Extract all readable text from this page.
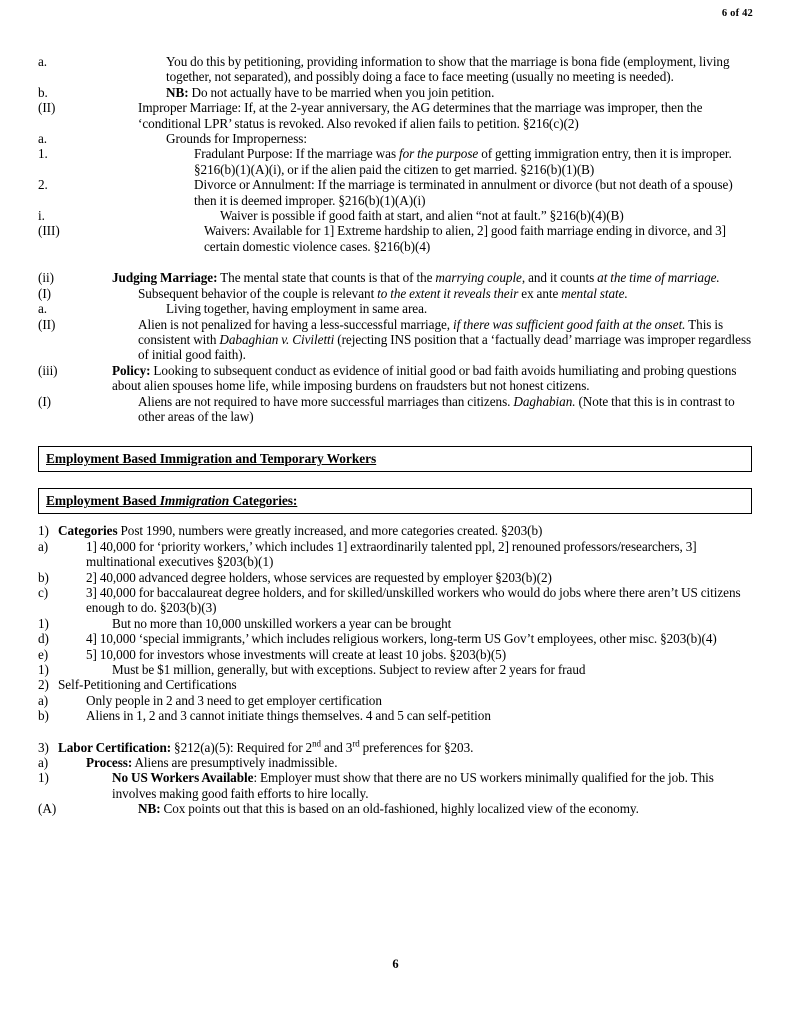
6 of 42
a.	You do this by petitioning, providing information to show that the marriage is bona fide (employment, living together, not separated), and possibly doing a face to face meeting (usually no meeting is needed).
b.	NB: Do not actually have to be married when you join petition.
(II)	Improper Marriage: If, at the 2-year anniversary, the AG determines that the marriage was improper, then the ‘conditional LPR’ status is revoked. Also revoked if alien fails to petition. §216(c)(2)
a.	Grounds for Improperness:
1.	Fradulant Purpose: If the marriage was for the purpose of getting immigration entry, then it is improper. §216(b)(1)(A)(i), or if the alien paid the citizen to get married. §216(b)(1)(B)
2.	Divorce or Annulment: If the marriage is terminated in annulment or divorce (but not death of a spouse) then it is deemed improper. §216(b)(1)(A)(i)
i.	Waiver is possible if good faith at start, and alien “not at fault.” §216(b)(4)(B)
(III)	Waivers: Available for 1] Extreme hardship to alien, 2] good faith marriage ending in divorce, and 3] certain domestic violence cases. §216(b)(4)
(ii)	Judging Marriage: The mental state that counts is that of the marrying couple, and it counts at the time of marriage.
(I)	Subsequent behavior of the couple is relevant to the extent it reveals their ex ante mental state.
a.	Living together, having employment in same area.
(II)	Alien is not penalized for having a less-successful marriage, if there was sufficient good faith at the onset. This is consistent with Dabaghian v. Civiletti (rejecting INS position that a ‘factually dead’ marriage was improper regardless of initial good faith).
(iii)	Policy: Looking to subsequent conduct as evidence of initial good or bad faith avoids humiliating and probing questions about alien spouses home life, while imposing burdens on fraudsters but not honest citizens.
(I)	Aliens are not required to have more successful marriages than citizens. Daghabian. (Note that this is in contrast to other areas of the law)
Employment Based Immigration and Temporary Workers
Employment Based Immigration Categories:
1) Categories Post 1990, numbers were greatly increased, and more categories created. §203(b)
a)	1] 40,000 for ‘priority workers,’ which includes 1] extraordinarily talented ppl, 2] renouned professors/researchers, 3] multinational executives §203(b)(1)
b)	2] 40,000 advanced degree holders, whose services are requested by employer §203(b)(2)
c)	3] 40,000 for baccalaureat degree holders, and for skilled/unskilled workers who would do jobs where there aren’t US citizens enough to do. §203(b)(3)
1)	But no more than 10,000 unskilled workers a year can be brought
d)	4] 10,000 ‘special immigrants,’ which includes religious workers, long-term US Gov’t employees, other misc. §203(b)(4)
e)	5] 10,000 for investors whose investments will create at least 10 jobs. §203(b)(5)
1)	Must be $1 million, generally, but with exceptions. Subject to review after 2 years for fraud
2) Self-Petitioning and Certifications
a)	Only people in 2 and 3 need to get employer certification
b)	Aliens in 1, 2 and 3 cannot initiate things themselves. 4 and 5 can self-petition
3) Labor Certification: §212(a)(5): Required for 2nd and 3rd preferences for §203.
a)	Process: Aliens are presumptively inadmissible.
1)	No US Workers Available: Employer must show that there are no US workers minimally qualified for the job. This involves making good faith efforts to hire locally.
(A)	NB: Cox points out that this is based on an old-fashioned, highly localized view of the economy.
6
